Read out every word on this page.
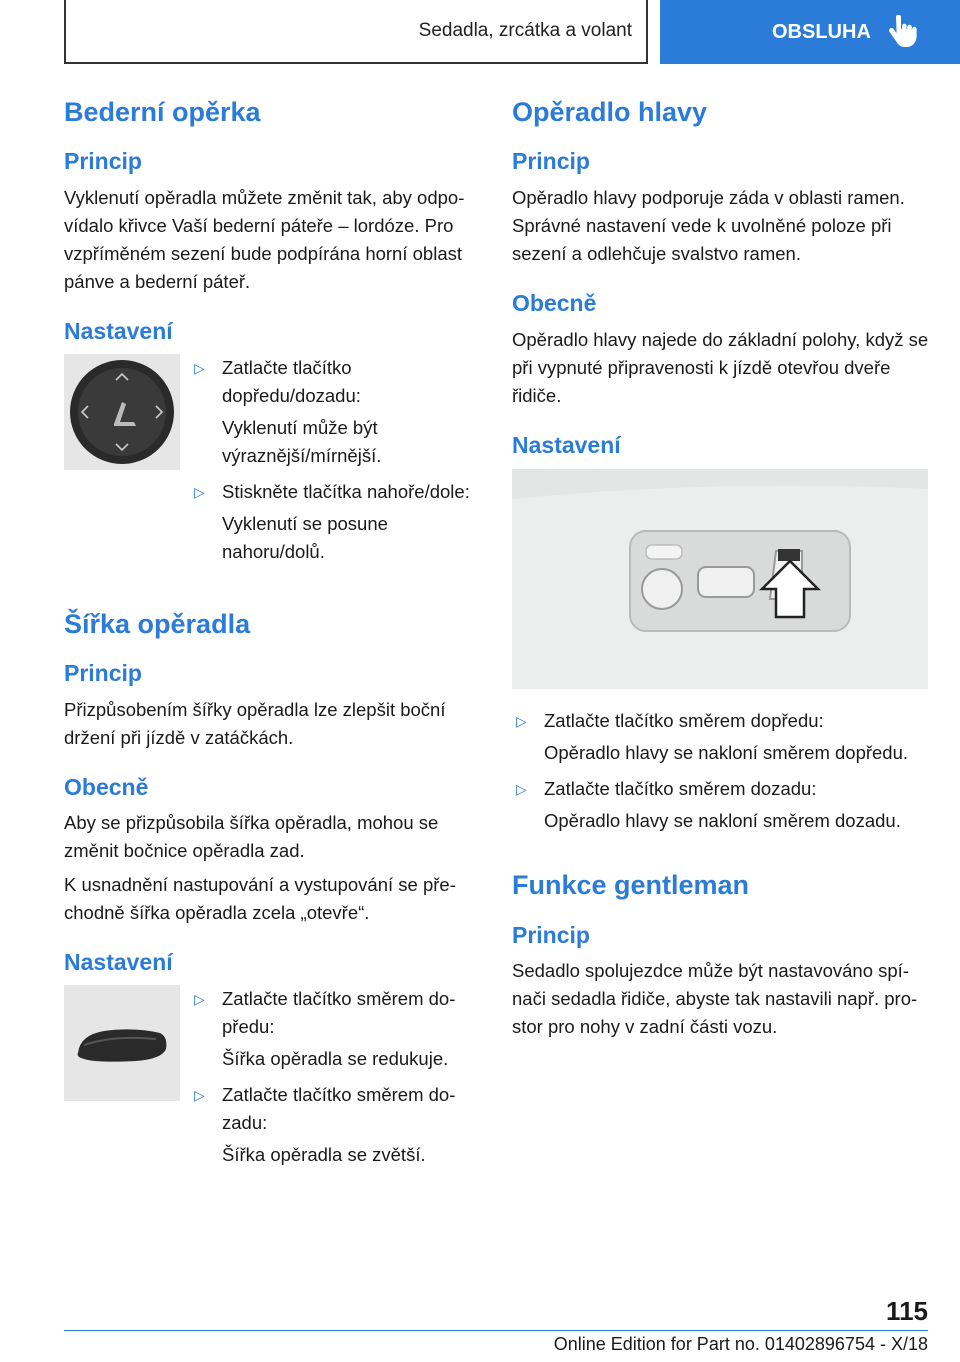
Sedadla, zrcátka a volant	OBSLUHA
Bederní opěrka
Princip

Vyklenutí opěradla můžete změnit tak, aby odpovídalo křivce Vaší bederní páteře – lordóze. Pro vzpříměném sezení bude podpírána horní oblast pánve a bederní páteř.

Nastavení
▷ Zatlačte tlačítko dopředu/dozadu:
Vyklenutí může být výraznější/mírnější.
▷ Stiskněte tlačítka nahoře/dole:
Vyklenutí se posune nahoru/dolů.
Šířka opěradla
Princip

Přizpůsobením šířky opěradla lze zlepšit boční držení při jízdě v zatáčkách.

Obecně

Aby se přizpůsobila šířka opěradla, mohou se změnit bočnice opěradla zad.

K usnadnění nastupování a vystupování se přechodně šířka opěradla zcela „otevře“.

Nastavení
▷ Zatlačte tlačítko směrem dopředu:
Šířka opěradla se redukuje.
▷ Zatlačte tlačítko směrem dozadu:
Šířka opěradla se zvětší.
Opěradlo hlavy
Princip

Opěradlo hlavy podporuje záda v oblasti ramen. Správné nastavení vede k uvolněné poloze při sezení a odlehčuje svalstvo ramen.

Obecně

Opěradlo hlavy najede do základní polohy, když se při vypnuté připravenosti k jízdě otevřou dveře řidiče.

Nastavení
▷ Zatlačte tlačítko směrem dopředu:
Opěradlo hlavy se nakloní směrem dopředu.
▷ Zatlačte tlačítko směrem dozadu:
Opěradlo hlavy se nakloní směrem dozadu.
Funkce gentleman
Princip

Sedadlo spolujezdce může být nastavováno spínači sedadla řidiče, abyste tak nastavili např. prostor pro nohy v zadní části vozu.

115
Online Edition for Part no. 01402896754 - X/18
